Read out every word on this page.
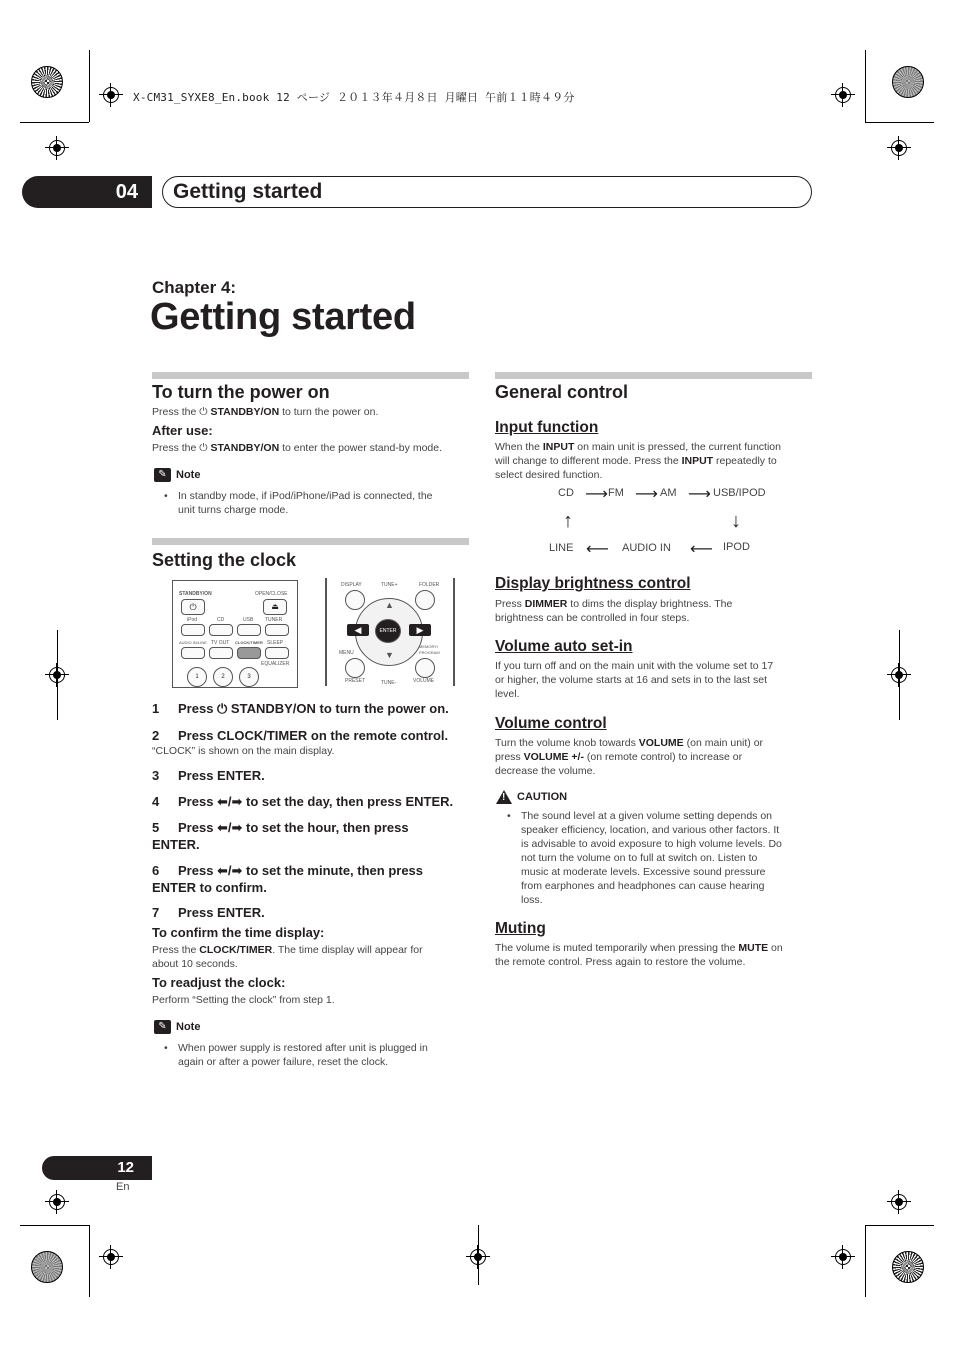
X-CM31_SYXE8_En.book 12 ページ ２０１３年４月８日 月曜日 午前１１時４９分
04	Getting started
Chapter 4:
Getting started
To turn the power on
Press the ⏻ STANDBY/ON to turn the power on.
After use:
Press the ⏻ STANDBY/ON to enter the power stand-by mode.
✎ Note
• In standby mode, if iPod/iPhone/iPad is connected, the
unit turns charge mode.
Setting the clock
STANDBY/ON	OPEN/CLOSE
⏻	⏏
iPod	CD	USB TUNER
AUDIO IN/LINE TV OUT CLOCK/TIMER SLEEP
EQUALIZER
1	2	3
DISPLAY	TUNE+	FOLDER
▲
▼
◀	▶
ENTER
MENU
MEMORY/
PROGRAM
PRESET	TUNE-	VOLUME
1 Press ⏻ STANDBY/ON to turn the power on.
2 Press CLOCK/TIMER on the remote control.
“CLOCK” is shown on the main display.
3 Press ENTER.
4 Press ⬅/➡ to set the day, then press ENTER.
5 Press ⬅/➡ to set the hour, then press
ENTER.
6 Press ⬅/➡ to set the minute, then press
ENTER to confirm.
7 Press ENTER.
To confirm the time display:
Press the CLOCK/TIMER. The time display will appear for
about 10 seconds.
To readjust the clock:
Perform “Setting the clock” from step 1.
✎ Note
• When power supply is restored after unit is plugged in
again or after a power failure, reset the clock.
General control
Input function
When the INPUT on main unit is pressed, the current function
will change to different mode. Press the INPUT repeatedly to
select desired function.
CD ⟶ FM ⟶ AM ⟶ USB/IPOD
↑	↓
LINE ⟵ AUDIO IN ⟵ IPOD
Display brightness control
Press DIMMER to dims the display brightness. The
brightness can be controlled in four steps.
Volume auto set-in
If you turn off and on the main unit with the volume set to 17
or higher, the volume starts at 16 and sets in to the last set
level.
Volume control
Turn the volume knob towards VOLUME (on main unit) or
press VOLUME +/- (on remote control) to increase or
decrease the volume.
! CAUTION
• The sound level at a given volume setting depends on
speaker efficiency, location, and various other factors. It
is advisable to avoid exposure to high volume levels. Do
not turn the volume on to full at switch on. Listen to
music at moderate levels. Excessive sound pressure
from earphones and headphones can cause hearing
loss.
Muting
The volume is muted temporarily when pressing the MUTE on
the remote control. Press again to restore the volume.
12
En
